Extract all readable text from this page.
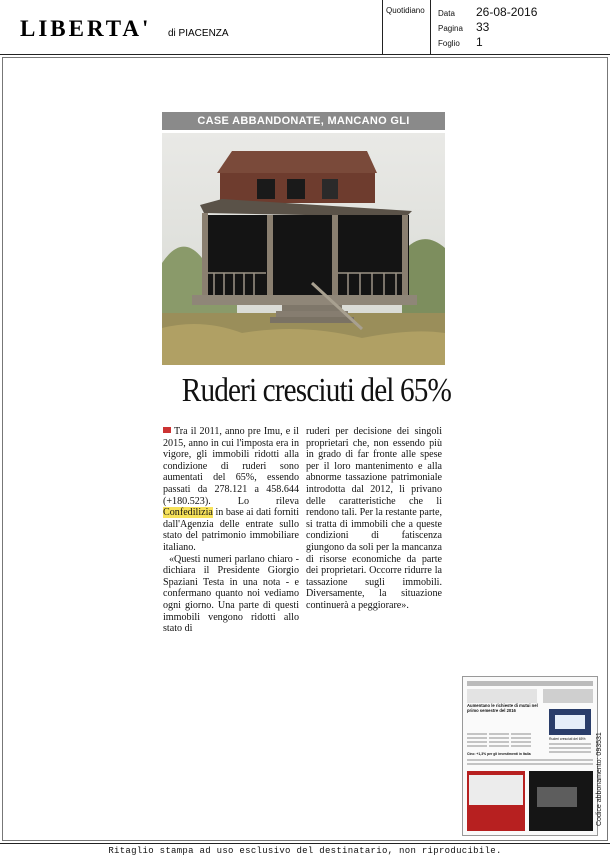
LIBERTA' di PIACENZA
Quotidiano Data 26-08-2016
Pagina 33
Foglio 1
CASE ABBANDONATE, MANCANO GLI
Ruderi cresciuti del 65%

Tra il 2011, anno pre Imu, e il 2015, anno in cui l'imposta era in vigore, gli immobili ridotti alla condizione di ruderi sono aumentati del 65%, essendo passati da 278.121 a 458.644 (+180.523). Lo rileva Confedilizia in base ai dati forniti dall'Agenzia delle entrate sullo stato del patrimonio immobiliare italiano.

«Questi numeri parlano chiaro - dichiara il Presidente Giorgio Spaziani Testa in una nota - e confermano quanto noi vediamo ogni giorno. Una parte di questi immobili vengono ridotti allo stato di

ruderi per decisione dei singoli proprietari che, non essendo più in grado di far fronte alle spese per il loro mantenimento e alla abnorme tassazione patrimoniale introdotta dal 2012, li privano delle caratteristiche che li rendono tali. Per la restante parte, si tratta di immobili che a queste condizioni di fatiscenza giungono da soli per la mancanza di risorse economiche da parte dei proprietari. Occorre ridurre la tassazione sugli immobili. Diversamente, la situazione continuerà a peggiorare».

Aumentano le richieste di mutui nel primo semestre del 2016
Ruderi cresciuti del 65%
Cinc: +1,3% per gli investimenti in Italia	Codice abbonamento: 093531
Ritaglio stampa ad uso esclusivo del destinatario, non riproducibile.
